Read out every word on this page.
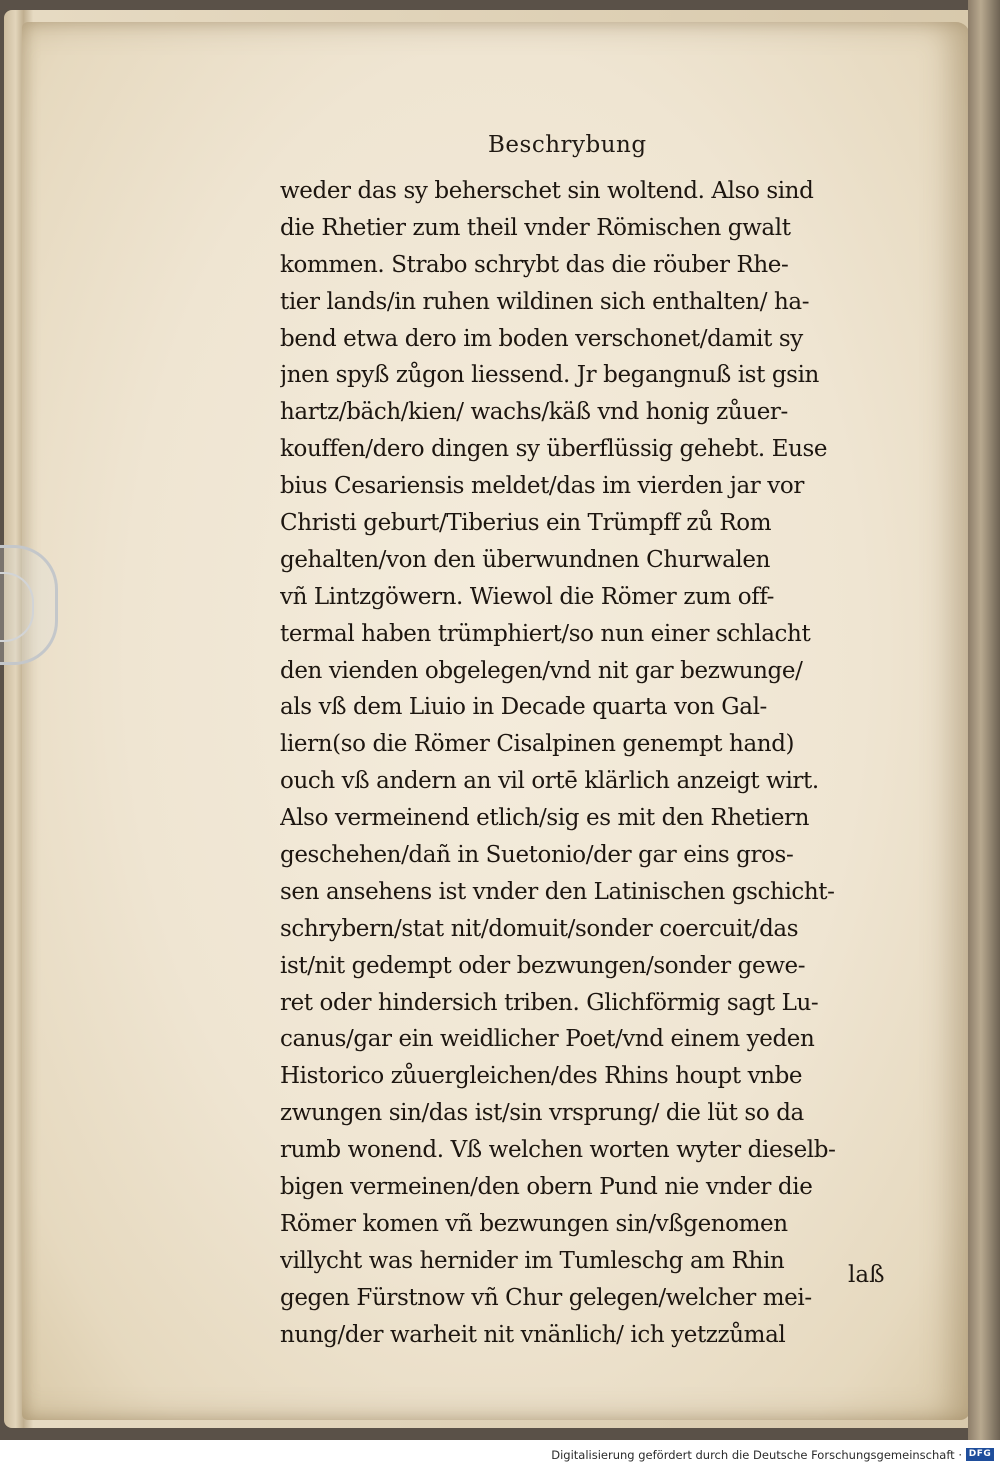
Beschrybung
weder das sy beherschet sin woltend. Also sind
die Rhetier zum theil vnder Römischen gwalt
kommen. Strabo schrybt das die röuber Rhe-
tier lands/in ruhen wildinen sich enthalten/ ha-
bend etwa dero im boden verschonet/damit sy
jnen spyß zůgon liessend. Jr begangnuß ist gsin
hartz/bäch/kien/ wachs/käß vnd honig zůuer-
kouffen/dero dingen sy überflüssig gehebt. Euse
bius Cesariensis meldet/das im vierden jar vor
Christi geburt/Tiberius ein Trümpff zů Rom
gehalten/von den überwundnen Churwalen
vñ Lintzgöwern. Wiewol die Römer zum off-
termal haben trümphiert/so nun einer schlacht
den vienden obgelegen/vnd nit gar bezwunge/
als vß dem Liuio in Decade quarta von Gal-
liern(so die Römer Cisalpinen genempt hand)
ouch vß andern an vil ortē klärlich anzeigt wirt.
Also vermeinend etlich/sig es mit den Rhetiern
geschehen/dañ in Suetonio/der gar eins gros-
sen ansehens ist vnder den Latinischen gschicht-
schrybern/stat nit/domuit/sonder coercuit/das
ist/nit gedempt oder bezwungen/sonder gewe-
ret oder hindersich triben. Glichförmig sagt Lu-
canus/gar ein weidlicher Poet/vnd einem yeden
Historico zůuergleichen/des Rhins houpt vnbe
zwungen sin/das ist/sin vrsprung/ die lüt so da
rumb wonend. Vß welchen worten wyter dieselb-
bigen vermeinen/den obern Pund nie vnder die
Römer komen vñ bezwungen sin/vßgenomen
villycht was hernider im Tumleschg am Rhin
gegen Fürstnow vñ Chur gelegen/welcher mei-
nung/der warheit nit vnänlich/ ich yetzzůmal
laß
Digitalisierung gefördert durch die Deutsche Forschungsgemeinschaft · DFG
